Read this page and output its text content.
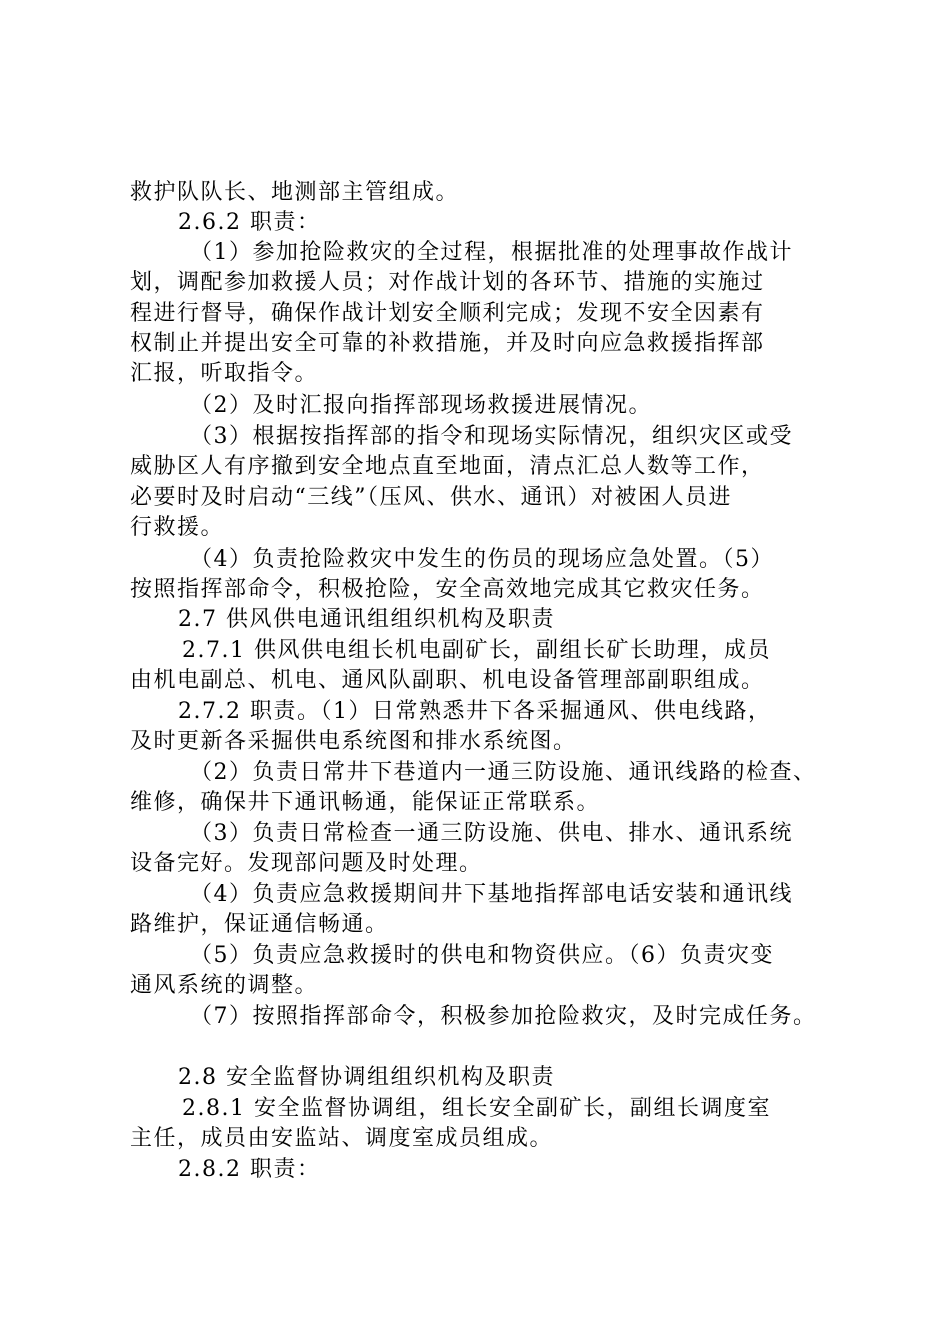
救护队队长、地测部主管组成。
2.6.2 职责：
（1）参加抢险救灾的全过程，根据批准的处理事故作战计
划，调配参加救援人员；对作战计划的各环节、措施的实施过
程进行督导，确保作战计划安全顺利完成；发现不安全因素有
权制止并提出安全可靠的补救措施，并及时向应急救援指挥部
汇报，听取指令。
（2）及时汇报向指挥部现场救援进展情况。
（3）根据按指挥部的指令和现场实际情况，组织灾区或受
威胁区人有序撤到安全地点直至地面，清点汇总人数等工作，
必要时及时启动“三线”（压风、供水、通讯）对被困人员进
行救援。
（4）负责抢险救灾中发生的伤员的现场应急处置。（5）
按照指挥部命令，积极抢险，安全高效地完成其它救灾任务。
2.7 供风供电通讯组组织机构及职责
2.7.1 供风供电组长机电副矿长，副组长矿长助理，成员
由机电副总、机电、通风队副职、机电设备管理部副职组成。
2.7.2 职责。（1）日常熟悉井下各采掘通风、供电线路，
及时更新各采掘供电系统图和排水系统图。
（2）负责日常井下巷道内一通三防设施、通讯线路的检查、
维修，确保井下通讯畅通，能保证正常联系。
（3）负责日常检查一通三防设施、供电、排水、通讯系统
设备完好。发现部问题及时处理。
（4）负责应急救援期间井下基地指挥部电话安装和通讯线
路维护，保证通信畅通。
（5）负责应急救援时的供电和物资供应。（6）负责灾变
通风系统的调整。
（7）按照指挥部命令，积极参加抢险救灾，及时完成任务。
2.8 安全监督协调组组织机构及职责
2.8.1 安全监督协调组，组长安全副矿长，副组长调度室
主任，成员由安监站、调度室成员组成。
2.8.2 职责：
